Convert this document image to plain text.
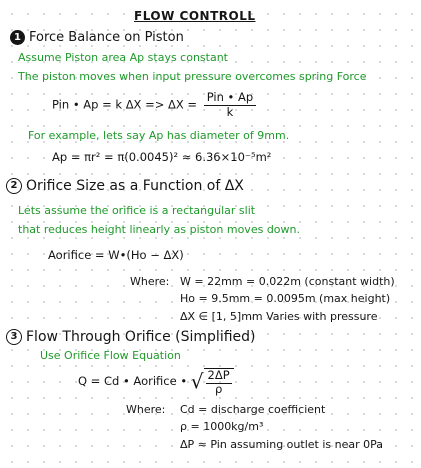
FLOW CONTROLL
1 Force Balance on Piston
Assume Piston area Ap stays constant
The piston moves when input pressure overcomes spring Force
Pin • Ap = k $\Delta X => \Delta X = \frac{\text{Pin • Ap}}{k}$
For example, lets say Ap has diameter of 9mm.
Ap = πr² = π(0.0045)² ≈ 6.36×10⁻⁵m²
2 Orifice Size as a Function of ΔX
Lets assume the orifice is a rectangular slit
that reduces height linearly as piston moves down.
Aorifice = W•(Ho − ΔX)
Where: W = 22mm = 0.022m (constant width)
Ho = 9.5mm = 0.0095m (max height)
ΔX ∈ [1, 5]mm Varies with pressure
3 Flow Through Orifice (Simplified)
Use Orifice Flow Equation
Q = Cd • Aorifice • √ $\frac{2\Delta P}{\rho}$
Where: Cd = discharge coefficient
ρ = 1000kg/m³
ΔP ≈ Pin assuming outlet is near 0Pa
